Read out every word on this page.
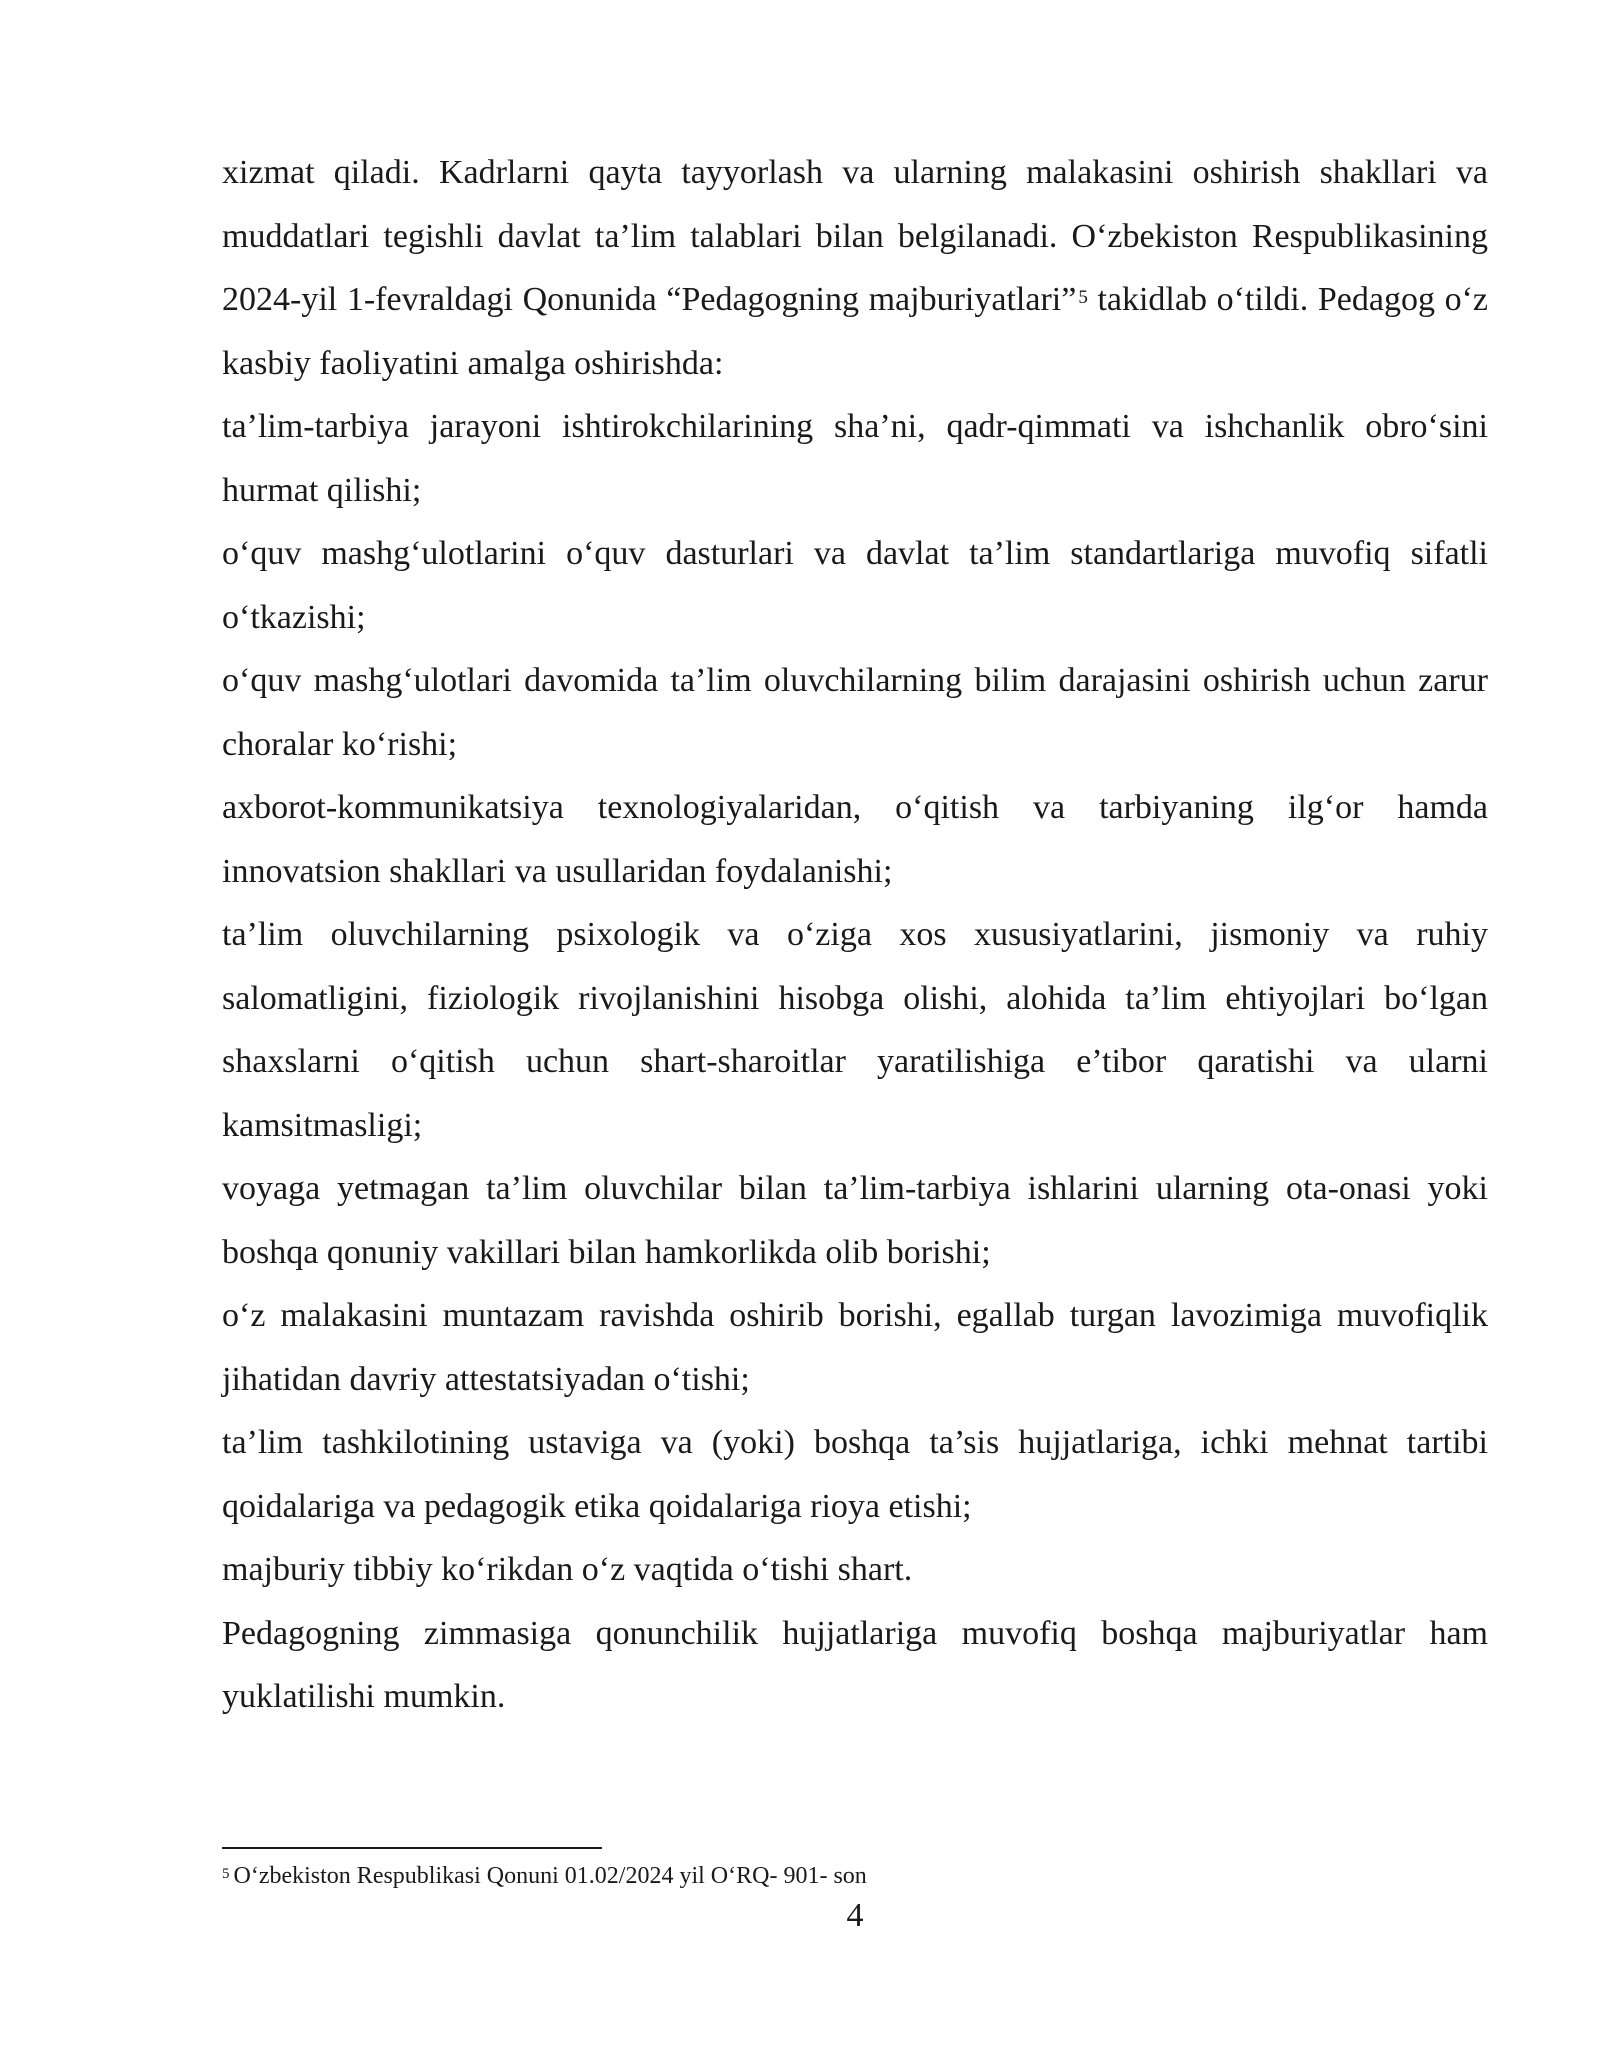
xizmat qiladi. Kadrlarni qayta tayyorlash va ularning malakasini oshirish shakllari va muddatlari tegishli davlat ta’lim talablari bilan belgilanadi. O‘zbekiston Respublikasining 2024-yil 1-fevraldagi Qonunida “Pedagogning majburiyatlari” $^5$ takidlab o‘tildi. Pedagog o‘z kasbiy faoliyatini amalga oshirishda:

ta’lim-tarbiya jarayoni ishtirokchilarining sha’ni, qadr-qimmati va ishchanlik obro‘sini hurmat qilishi;

o‘quv mashg‘ulotlarini o‘quv dasturlari va davlat ta’lim standartlariga muvofiq sifatli o‘tkazishi;

o‘quv mashg‘ulotlari davomida ta’lim oluvchilarning bilim darajasini oshirish uchun zarur choralar ko‘rishi;

axborot-kommunikatsiya texnologiyalaridan, o‘qitish va tarbiyaning ilg‘or hamda innovatsion shakllari va usullaridan foydalanishi;

ta’lim oluvchilarning psixologik va o‘ziga xos xususiyatlarini, jismoniy va ruhiy salomatligini, fiziologik rivojlanishini hisobga olishi, alohida ta’lim ehtiyojlari bo‘lgan shaxslarni o‘qitish uchun shart-sharoitlar yaratilishiga e’tibor qaratishi va ularni kamsitmasligi;

voyaga yetmagan ta’lim oluvchilar bilan ta’lim-tarbiya ishlarini ularning ota-onasi yoki boshqa qonuniy vakillari bilan hamkorlikda olib borishi;

o‘z malakasini muntazam ravishda oshirib borishi, egallab turgan lavozimiga muvofiqlik jihatidan davriy attestatsiyadan o‘tishi;

ta’lim tashkilotining ustaviga va (yoki) boshqa ta’sis hujjatlariga, ichki mehnat tartibi qoidalariga va pedagogik etika qoidalariga rioya etishi;

majburiy tibbiy ko‘rikdan o‘z vaqtida o‘tishi shart.

Pedagogning zimmasiga qonunchilik hujjatlariga muvofiq boshqa majburiyatlar ham yuklatilishi mumkin.

$^5$ O‘zbekiston Respublikasi Qonuni 01.02/2024 yil O‘RQ- 901- son
4
